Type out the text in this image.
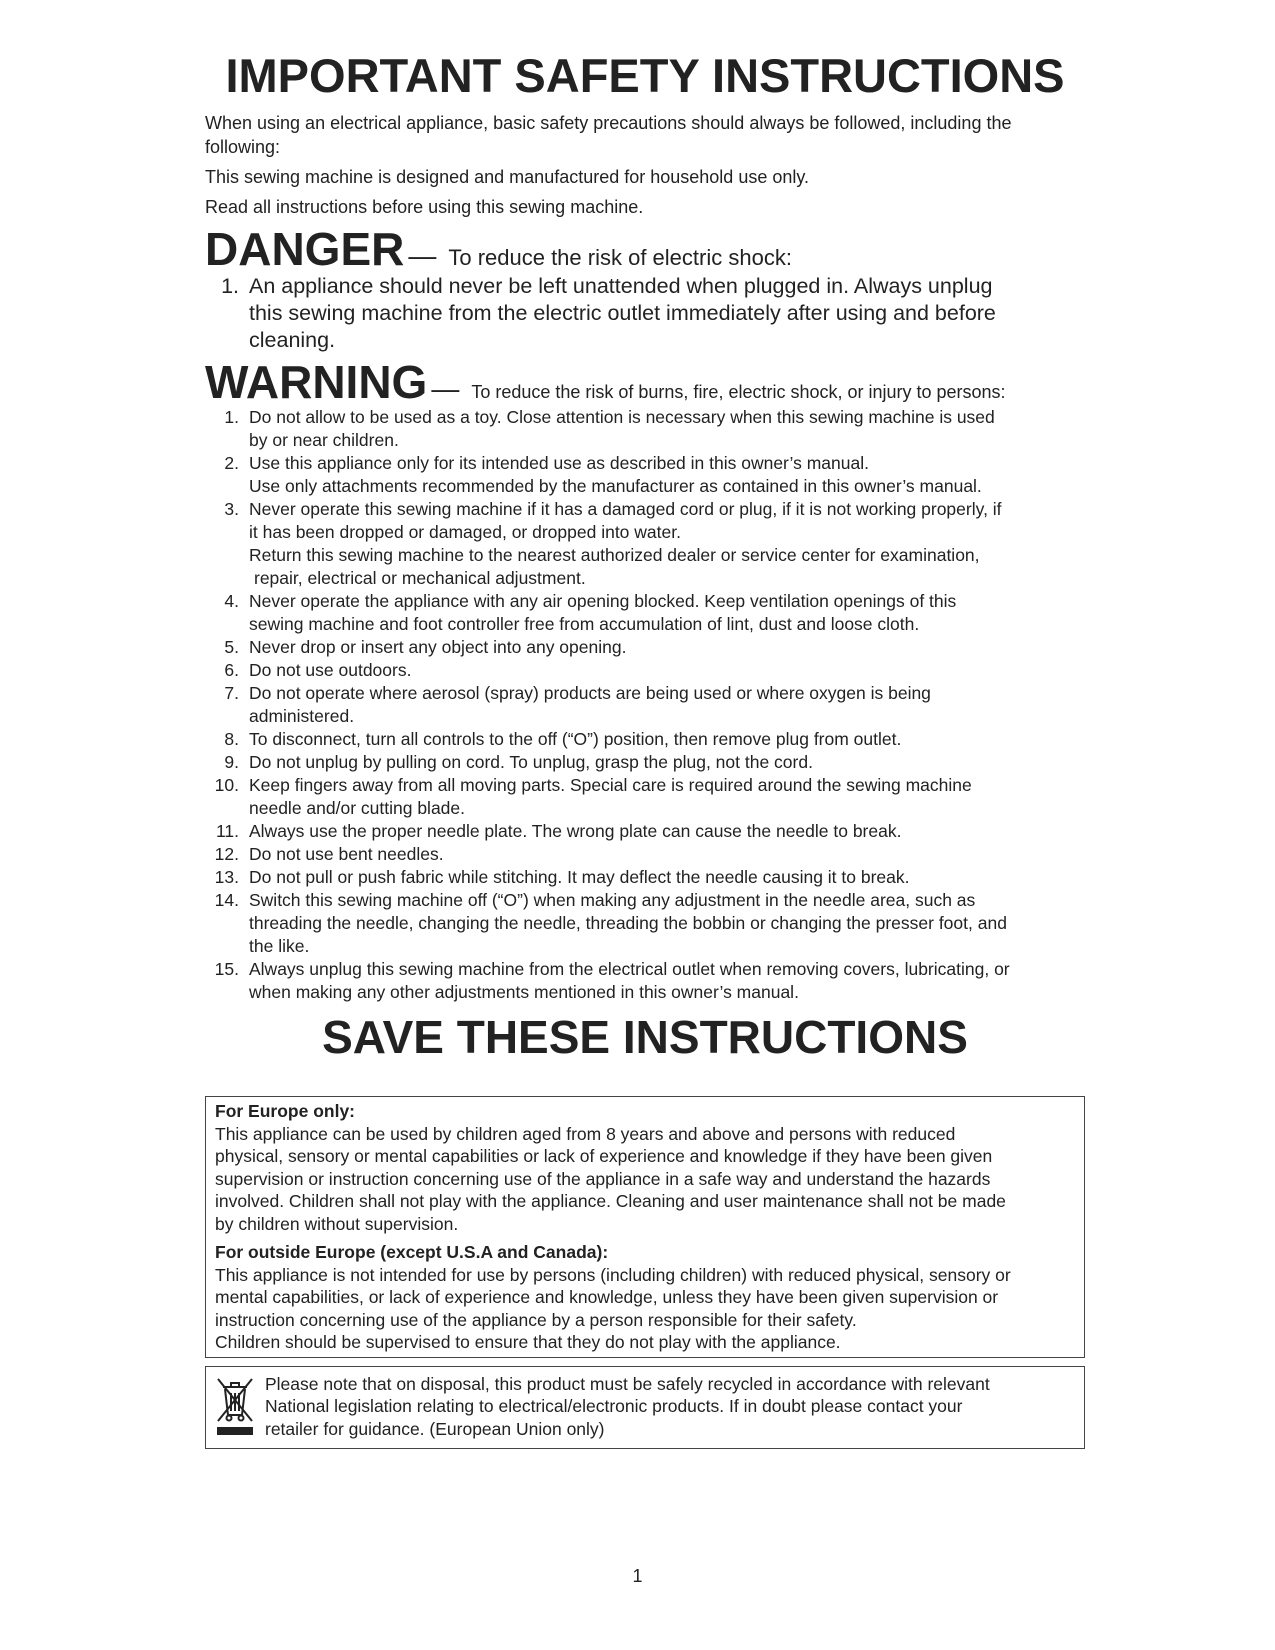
IMPORTANT SAFETY INSTRUCTIONS

When using an electrical appliance, basic safety precautions should always be followed, including the following:

This sewing machine is designed and manufactured for household use only.

Read all instructions before using this sewing machine.

DANGER — To reduce the risk of electric shock:
1. An appliance should never be left unattended when plugged in. Always unplug
this sewing machine from the electric outlet immediately after using and before
cleaning.
WARNING — To reduce the risk of burns, fire, electric shock, or injury to persons:
1. Do not allow to be used as a toy. Close attention is necessary when this sewing machine is used
by or near children.
2. Use this appliance only for its intended use as described in this owner’s manual.
Use only attachments recommended by the manufacturer as contained in this owner’s manual.
3. Never operate this sewing machine if it has a damaged cord or plug, if it is not working properly, if
it has been dropped or damaged, or dropped into water.
Return this sewing machine to the nearest authorized dealer or service center for examination,
repair, electrical or mechanical adjustment.
4. Never operate the appliance with any air opening blocked. Keep ventilation openings of this
sewing machine and foot controller free from accumulation of lint, dust and loose cloth.
5. Never drop or insert any object into any opening.
6. Do not use outdoors.
7. Do not operate where aerosol (spray) products are being used or where oxygen is being
administered.
8. To disconnect, turn all controls to the off (“O”) position, then remove plug from outlet.
9. Do not unplug by pulling on cord. To unplug, grasp the plug, not the cord.
10. Keep fingers away from all moving parts. Special care is required around the sewing machine
needle and/or cutting blade.
11. Always use the proper needle plate. The wrong plate can cause the needle to break.
12. Do not use bent needles.
13. Do not pull or push fabric while stitching. It may deflect the needle causing it to break.
14. Switch this sewing machine off (“O”) when making any adjustment in the needle area, such as
threading the needle, changing the needle, threading the bobbin or changing the presser foot, and
the like.
15. Always unplug this sewing machine from the electrical outlet when removing covers, lubricating, or
when making any other adjustments mentioned in this owner’s manual.
SAVE THESE INSTRUCTIONS

For Europe only:
This appliance can be used by children aged from 8 years and above and persons with reduced
physical, sensory or mental capabilities or lack of experience and knowledge if they have been given
supervision or instruction concerning use of the appliance in a safe way and understand the hazards
involved. Children shall not play with the appliance. Cleaning and user maintenance shall not be made
by children without supervision.

For outside Europe (except U.S.A and Canada):
This appliance is not intended for use by persons (including children) with reduced physical, sensory or
mental capabilities, or lack of experience and knowledge, unless they have been given supervision or
instruction concerning use of the appliance by a person responsible for their safety.
Children should be supervised to ensure that they do not play with the appliance.

Please note that on disposal, this product must be safely recycled in accordance with relevant
National legislation relating to electrical/electronic products. If in doubt please contact your
retailer for guidance. (European Union only)
1
